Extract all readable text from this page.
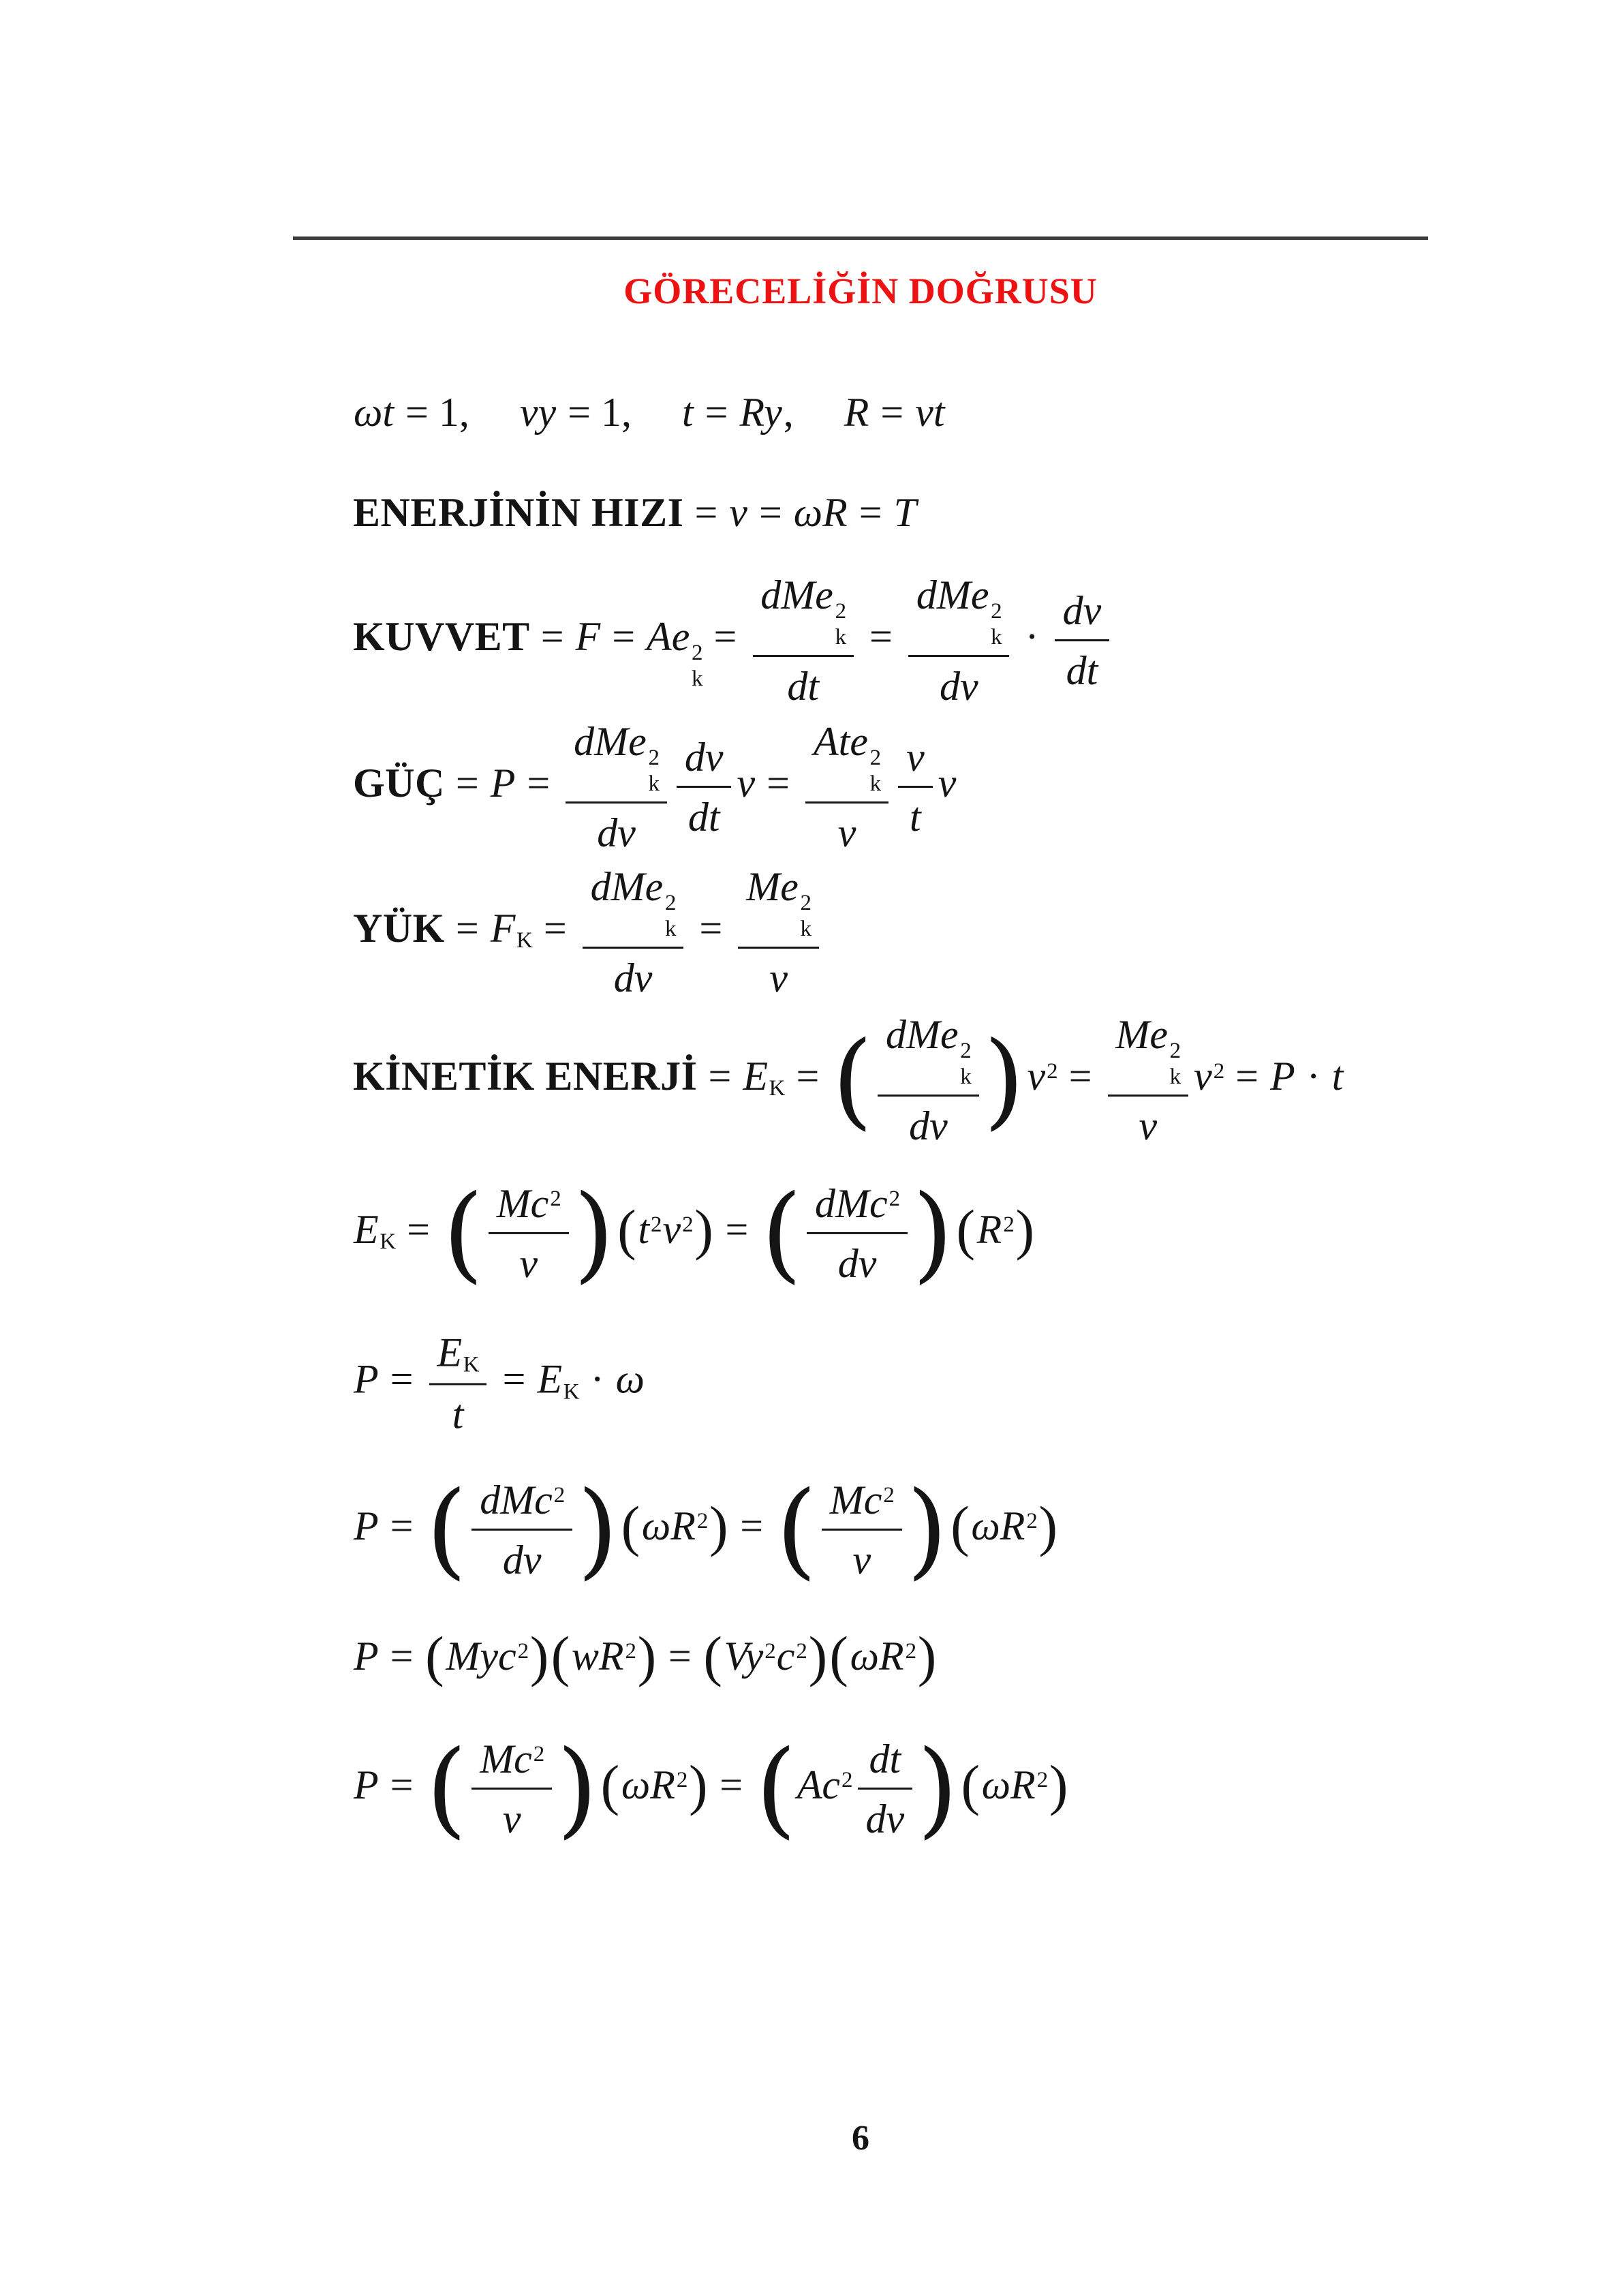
GÖRECELİĞİN DOĞRUSU
ωt = 1, vy = 1, t = Ry, R = vt
ENERJİNİN HIZI = v = ωR = T
KUVVET = F = Ae 2
k
=
dMe 2
k
dt
=
dMe 2
k
dv
· $\frac{dv}{dt}$
GÜÇ = P =
dMe 2
k
dv	$\frac{dv}{dt}$ v =
Ate 2
k
v	$\frac{v}{t}$ v
YÜK = FK =
dMe 2
k
dv
= Me 2
k
v
KİNETİK ENERJİ = EK = ( dMe 2
k
dv ) $v^2 = Me$ 2
k
v $v^2 = P \cdot t$
EK = ( $\frac{Mc^2}{v}$ ) $(t^2v^2)$ = ( dMc$^2$
dv ) $(R^2)$
$P = \frac{EK}{t}$ = EK · ω
P = ( dMc$^2$
dv ) $(\omega R^2)$ = ( $\frac{Mc^2}{v}$ ) $(\omega R^2)$
$P = (Myc^2)(wR^2) = (Vy^2c^2)(\omega R^2)$
P = ( $\frac{Mc^2}{v}$ ) $(\omega R^2)$ = ( $Ac^2 \frac{dt}{dv}$ ) $(\omega R^2)$
6
